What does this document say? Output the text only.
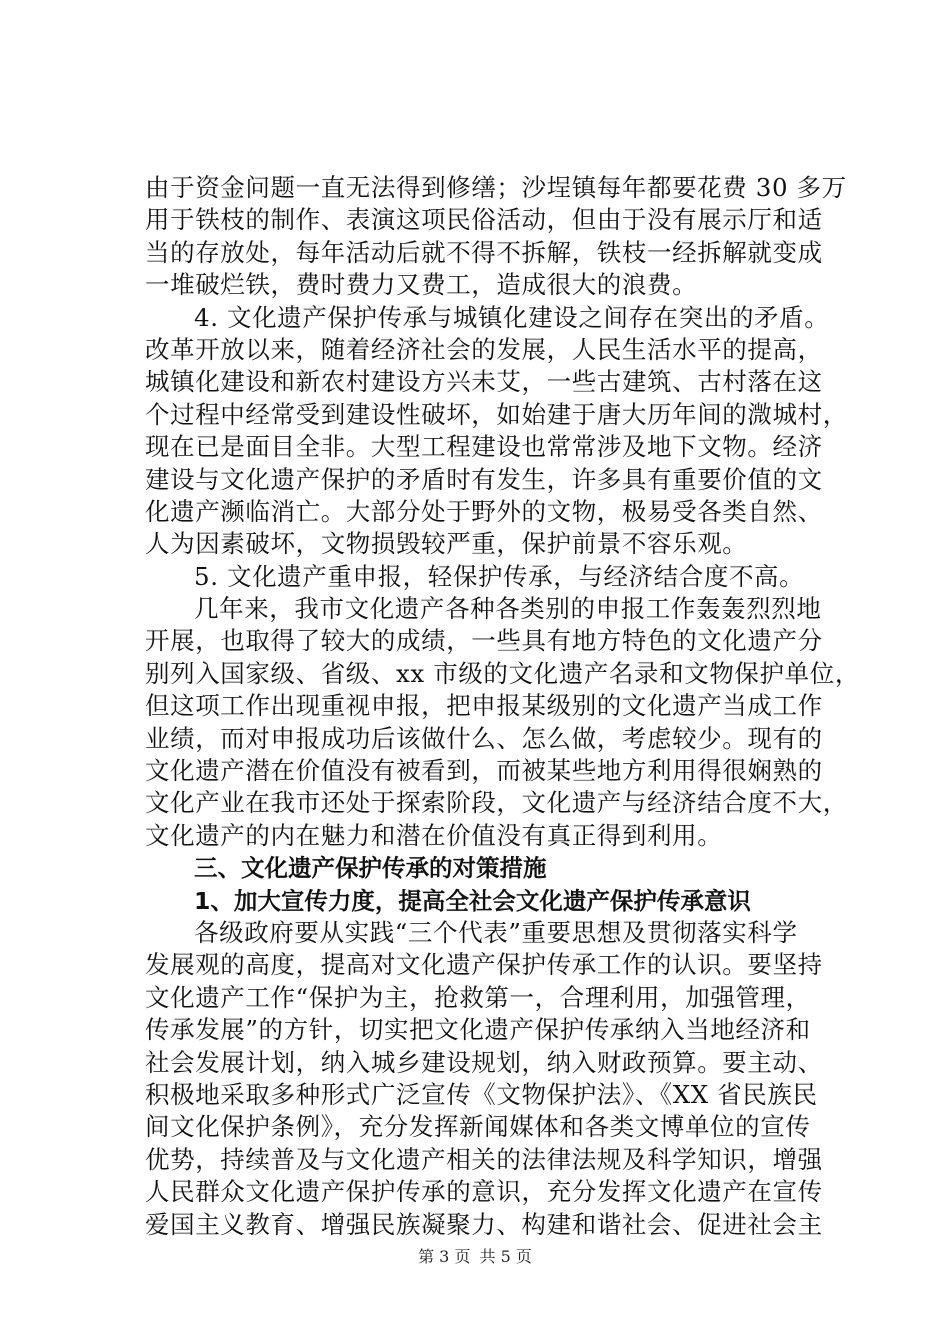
由于资金问题一直无法得到修缮；沙埕镇每年都要花费 30 多万
用于铁枝的制作、表演这项民俗活动，但由于没有展示厅和适
当的存放处，每年活动后就不得不拆解，铁枝一经拆解就变成
一堆破烂铁，费时费力又费工，造成很大的浪费。
4. 文化遗产保护传承与城镇化建设之间存在突出的矛盾。
改革开放以来，随着经济社会的发展，人民生活水平的提高，
城镇化建设和新农村建设方兴未艾，一些古建筑、古村落在这
个过程中经常受到建设性破坏，如始建于唐大历年间的溦城村，
现在已是面目全非。大型工程建设也常常涉及地下文物。经济
建设与文化遗产保护的矛盾时有发生，许多具有重要价值的文
化遗产濒临消亡。大部分处于野外的文物，极易受各类自然、
人为因素破坏，文物损毁较严重，保护前景不容乐观。
5. 文化遗产重申报，轻保护传承，与经济结合度不高。
几年来，我市文化遗产各种各类别的申报工作轰轰烈烈地
开展，也取得了较大的成绩，一些具有地方特色的文化遗产分
别列入国家级、省级、xx 市级的文化遗产名录和文物保护单位，
但这项工作出现重视申报，把申报某级别的文化遗产当成工作
业绩，而对申报成功后该做什么、怎么做，考虑较少。现有的
文化遗产潜在价值没有被看到，而被某些地方利用得很娴熟的
文化产业在我市还处于探索阶段，文化遗产与经济结合度不大，
文化遗产的内在魅力和潜在价值没有真正得到利用。
三、文化遗产保护传承的对策措施
1、加大宣传力度，提高全社会文化遗产保护传承意识
各级政府要从实践“三个代表”重要思想及贯彻落实科学
发展观的高度，提高对文化遗产保护传承工作的认识。要坚持
文化遗产工作“保护为主，抢救第一，合理利用，加强管理，
传承发展”的方针，切实把文化遗产保护传承纳入当地经济和
社会发展计划，纳入城乡建设规划，纳入财政预算。要主动、
积极地采取多种形式广泛宣传《文物保护法》、《XX 省民族民
间文化保护条例》，充分发挥新闻媒体和各类文博单位的宣传
优势，持续普及与文化遗产相关的法律法规及科学知识，增强
人民群众文化遗产保护传承的意识，充分发挥文化遗产在宣传
爱国主义教育、增强民族凝聚力、构建和谐社会、促进社会主
第 3 页 共 5 页
